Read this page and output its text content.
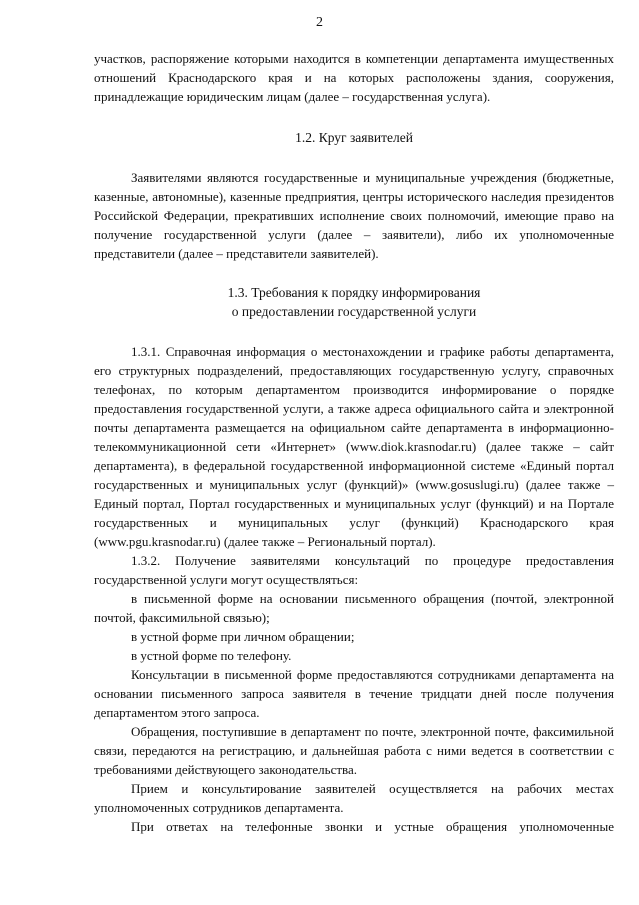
2

участков, распоряжение которыми находится в компетенции департамента имущественных отношений Краснодарского края и на которых расположены здания, сооружения, принадлежащие юридическим лицам (далее – государственная услуга).

1.2. Круг заявителей

Заявителями являются государственные и муниципальные учреждения (бюджетные, казенные, автономные), казенные предприятия, центры исторического наследия президентов Российской Федерации, прекративших исполнение своих полномочий, имеющие право на получение государственной услуги (далее – заявители), либо их уполномоченные представители (далее – представители заявителей).

1.3. Требования к порядку информирования
о предоставлении государственной услуги

1.3.1. Справочная информация о местонахождении и графике работы департамента, его структурных подразделений, предоставляющих государственную услугу, справочных телефонах, по которым департаментом производится информирование о порядке предоставления государственной услуги, а также адреса официального сайта и электронной почты департамента размещается на официальном сайте департамента в информационно-телекоммуникационной сети «Интернет» (www.diok.krasnodar.ru) (далее также – сайт департамента), в федеральной государственной информационной системе «Единый портал государственных и муниципальных услуг (функций)» (www.gosuslugi.ru) (далее также – Единый портал, Портал государственных и муниципальных услуг (функций) и на Портале государственных и муниципальных услуг (функций) Краснодарского края (www.pgu.krasnodar.ru) (далее также – Региональный портал).

1.3.2. Получение заявителями консультаций по процедуре предоставления государственной услуги могут осуществляться:

в письменной форме на основании письменного обращения (почтой, электронной почтой, факсимильной связью);

в устной форме при личном обращении;

в устной форме по телефону.

Консультации в письменной форме предоставляются сотрудниками департамента на основании письменного запроса заявителя в течение тридцати дней после получения департаментом этого запроса.

Обращения, поступившие в департамент по почте, электронной почте, факсимильной связи, передаются на регистрацию, и дальнейшая работа с ними ведется в соответствии с требованиями действующего законодательства.

Прием и консультирование заявителей осуществляется на рабочих местах уполномоченных сотрудников департамента.

При ответах на телефонные звонки и устные обращения уполномоченные
